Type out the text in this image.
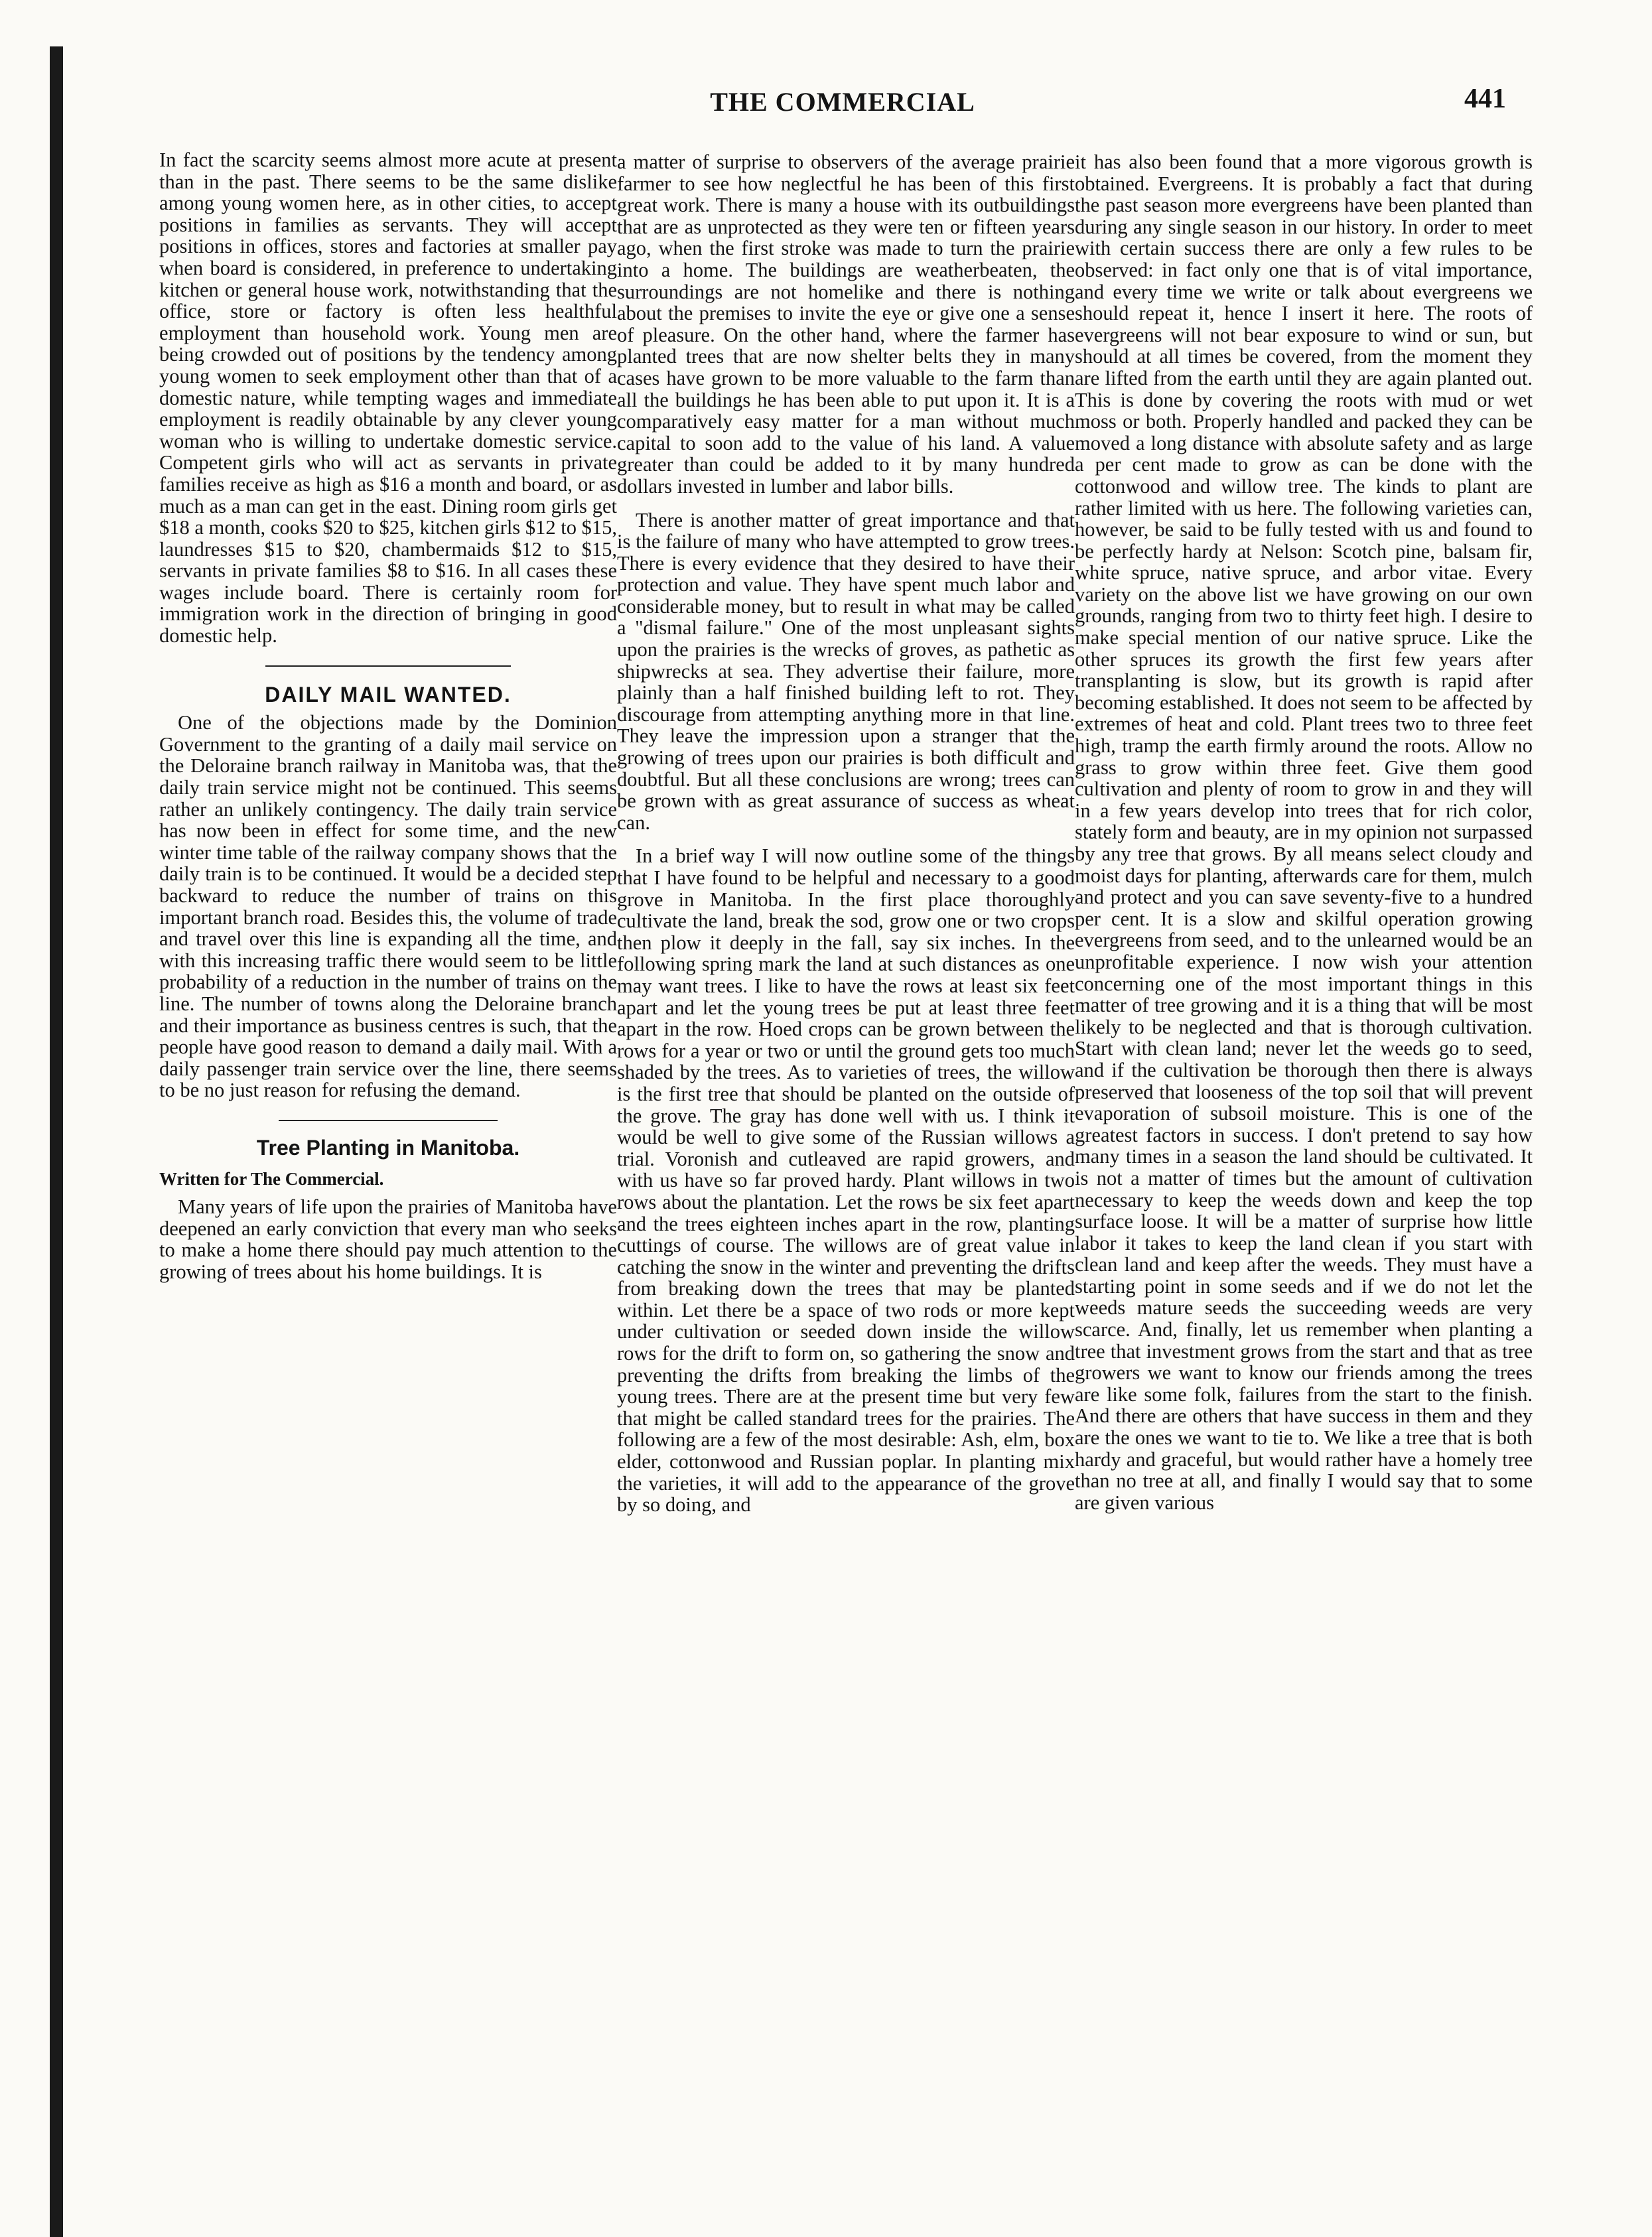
THE COMMERCIAL	441

In fact the scarcity seems almost more acute at present than in the past. There seems to be the same dislike among young women here, as in other cities, to accept positions in families as servants. They will accept positions in offices, stores and factories at smaller pay when board is considered, in preference to undertaking kitchen or general house work, notwithstanding that the office, store or factory is often less healthful employment than household work. Young men are being crowded out of positions by the tendency among young women to seek employment other than that of a domestic nature, while tempting wages and immediate employment is readily obtainable by any clever young woman who is willing to undertake domestic service. Competent girls who will act as servants in private families receive as high as $16 a month and board, or as much as a man can get in the east. Dining room girls get $18 a month, cooks $20 to $25, kitchen girls $12 to $15, laundresses $15 to $20, chambermaids $12 to $15, servants in private families $8 to $16. In all cases these wages include board. There is certainly room for immigration work in the direction of bringing in good domestic help.

DAILY MAIL WANTED.

One of the objections made by the Dominion Government to the granting of a daily mail service on the Deloraine branch railway in Manitoba was, that the daily train service might not be continued. This seems rather an unlikely contingency. The daily train service has now been in effect for some time, and the new winter time table of the railway company shows that the daily train is to be continued. It would be a decided step backward to reduce the number of trains on this important branch road. Besides this, the volume of trade and travel over this line is expanding all the time, and with this increasing traffic there would seem to be little probability of a reduction in the number of trains on the line. The number of towns along the Deloraine branch and their importance as business centres is such, that the people have good reason to demand a daily mail. With a daily passenger train service over the line, there seems to be no just reason for refusing the demand.

Tree Planting in Manitoba.
Written for The Commercial.

Many years of life upon the prairies of Manitoba have deepened an early conviction that every man who seeks to make a home there should pay much attention to the growing of trees about his home buildings. It is

a matter of surprise to observers of the average prairie farmer to see how neglectful he has been of this first great work. There is many a house with its outbuildings that are as unprotected as they were ten or fifteen years ago, when the first stroke was made to turn the prairie into a home. The buildings are weatherbeaten, the surroundings are not homelike and there is nothing about the premises to invite the eye or give one a sense of pleasure. On the other hand, where the farmer has planted trees that are now shelter belts they in many cases have grown to be more valuable to the farm than all the buildings he has been able to put upon it. It is a comparatively easy matter for a man without much capital to soon add to the value of his land. A value greater than could be added to it by many hundred dollars invested in lumber and labor bills.

There is another matter of great importance and that is the failure of many who have attempted to grow trees. There is every evidence that they desired to have their protection and value. They have spent much labor and considerable money, but to result in what may be called a "dismal failure." One of the most unpleasant sights upon the prairies is the wrecks of groves, as pathetic as shipwrecks at sea. They advertise their failure, more plainly than a half finished building left to rot. They discourage from attempting anything more in that line. They leave the impression upon a stranger that the growing of trees upon our prairies is both difficult and doubtful. But all these conclusions are wrong; trees can be grown with as great assurance of success as wheat can.

In a brief way I will now outline some of the things that I have found to be helpful and necessary to a good grove in Manitoba. In the first place thoroughly cultivate the land, break the sod, grow one or two crops then plow it deeply in the fall, say six inches. In the following spring mark the land at such distances as one may want trees. I like to have the rows at least six feet apart and let the young trees be put at least three feet apart in the row. Hoed crops can be grown between the rows for a year or two or until the ground gets too much shaded by the trees. As to varieties of trees, the willow is the first tree that should be planted on the outside of the grove. The gray has done well with us. I think it would be well to give some of the Russian willows a trial. Voronish and cutleaved are rapid growers, and with us have so far proved hardy. Plant willows in two rows about the plantation. Let the rows be six feet apart and the trees eighteen inches apart in the row, planting cuttings of course. The willows are of great value in catching the snow in the winter and preventing the drifts from breaking down the trees that may be planted within. Let there be a space of two rods or more kept under cultivation or seeded down inside the willow rows for the drift to form on, so gathering the snow and preventing the drifts from breaking the limbs of the young trees. There are at the present time but very few that might be called standard trees for the prairies. The following are a few of the most desirable: Ash, elm, box elder, cottonwood and Russian poplar. In planting mix the varieties, it will add to the appearance of the grove by so doing, and

it has also been found that a more vigorous growth is obtained. Evergreens. It is probably a fact that during the past season more evergreens have been planted than during any single season in our history. In order to meet with certain success there are only a few rules to be observed: in fact only one that is of vital importance, and every time we write or talk about evergreens we should repeat it, hence I insert it here. The roots of evergreens will not bear exposure to wind or sun, but should at all times be covered, from the moment they are lifted from the earth until they are again planted out. This is done by covering the roots with mud or wet moss or both. Properly handled and packed they can be moved a long distance with absolute safety and as large a per cent made to grow as can be done with the cottonwood and willow tree. The kinds to plant are rather limited with us here. The following varieties can, however, be said to be fully tested with us and found to be perfectly hardy at Nelson: Scotch pine, balsam fir, white spruce, native spruce, and arbor vitae. Every variety on the above list we have growing on our own grounds, ranging from two to thirty feet high. I desire to make special mention of our native spruce. Like the other spruces its growth the first few years after transplanting is slow, but its growth is rapid after becoming established. It does not seem to be affected by extremes of heat and cold. Plant trees two to three feet high, tramp the earth firmly around the roots. Allow no grass to grow within three feet. Give them good cultivation and plenty of room to grow in and they will in a few years develop into trees that for rich color, stately form and beauty, are in my opinion not surpassed by any tree that grows. By all means select cloudy and moist days for planting, afterwards care for them, mulch and protect and you can save seventy-five to a hundred per cent. It is a slow and skilful operation growing evergreens from seed, and to the unlearned would be an unprofitable experience. I now wish your attention concerning one of the most important things in this matter of tree growing and it is a thing that will be most likely to be neglected and that is thorough cultivation. Start with clean land; never let the weeds go to seed, and if the cultivation be thorough then there is always preserved that looseness of the top soil that will prevent evaporation of subsoil moisture. This is one of the greatest factors in success. I don't pretend to say how many times in a season the land should be cultivated. It is not a matter of times but the amount of cultivation necessary to keep the weeds down and keep the top surface loose. It will be a matter of surprise how little labor it takes to keep the land clean if you start with clean land and keep after the weeds. They must have a starting point in some seeds and if we do not let the weeds mature seeds the succeeding weeds are very scarce. And, finally, let us remember when planting a tree that investment grows from the start and that as tree growers we want to know our friends among the trees are like some folk, failures from the start to the finish. And there are others that have success in them and they are the ones we want to tie to. We like a tree that is both hardy and graceful, but would rather have a homely tree than no tree at all, and finally I would say that to some are given various
